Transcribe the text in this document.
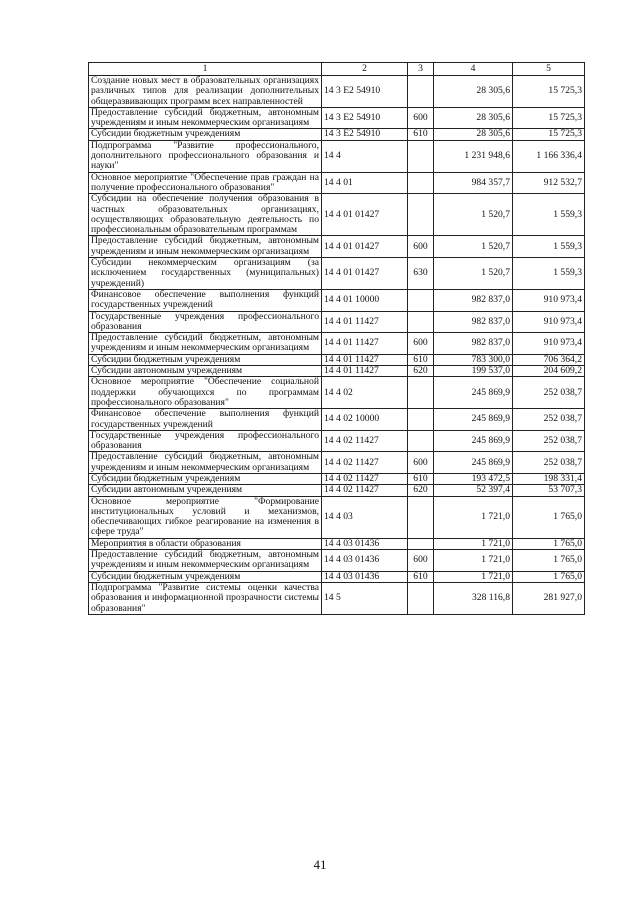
1	2	3	4	5
Создание новых мест в образовательных организациях различных типов для реализации дополнительных общеразвивающих программ всех направленностей	14 3 E2 54910		28 305,6	15 725,3
Предоставление субсидий бюджетным, автономным учреждениям и иным некоммерческим организациям	14 3 E2 54910	600	28 305,6	15 725,3
Субсидии бюджетным учреждениям	14 3 E2 54910	610	28 305,6	15 725,3
Подпрограмма "Развитие профессионального, дополнительного профессионального образования и науки"	14 4		1 231 948,6	1 166 336,4
Основное мероприятие "Обеспечение прав граждан на получение профессионального образования"	14 4 01		984 357,7	912 532,7
Субсидии на обеспечение получения образования в частных образовательных организациях, осуществляющих образовательную деятельность по профессиональным образовательным программам	14 4 01 01427		1 520,7	1 559,3
Предоставление субсидий бюджетным, автономным учреждениям и иным некоммерческим организациям	14 4 01 01427	600	1 520,7	1 559,3
Субсидии некоммерческим организациям (за исключением государственных (муниципальных) учреждений)	14 4 01 01427	630	1 520,7	1 559,3
Финансовое обеспечение выполнения функций государственных учреждений	14 4 01 10000		982 837,0	910 973,4
Государственные учреждения профессионального образования	14 4 01 11427		982 837,0	910 973,4
Предоставление субсидий бюджетным, автономным учреждениям и иным некоммерческим организациям	14 4 01 11427	600	982 837,0	910 973,4
Субсидии бюджетным учреждениям	14 4 01 11427	610	783 300,0	706 364,2
Субсидии автономным учреждениям	14 4 01 11427	620	199 537,0	204 609,2
Основное мероприятие "Обеспечение социальной поддержки обучающихся по программам профессионального образования"	14 4 02		245 869,9	252 038,7
Финансовое обеспечение выполнения функций государственных учреждений	14 4 02 10000		245 869,9	252 038,7
Государственные учреждения профессионального образования	14 4 02 11427		245 869,9	252 038,7
Предоставление субсидий бюджетным, автономным учреждениям и иным некоммерческим организациям	14 4 02 11427	600	245 869,9	252 038,7
Субсидии бюджетным учреждениям	14 4 02 11427	610	193 472,5	198 331,4
Субсидии автономным учреждениям	14 4 02 11427	620	52 397,4	53 707,3
Основное мероприятие "Формирование институциональных условий и механизмов, обеспечивающих гибкое реагирование на изменения в сфере труда"	14 4 03		1 721,0	1 765,0
Мероприятия в области образования	14 4 03 01436		1 721,0	1 765,0
Предоставление субсидий бюджетным, автономным учреждениям и иным некоммерческим организациям	14 4 03 01436	600	1 721,0	1 765,0
Субсидии бюджетным учреждениям	14 4 03 01436	610	1 721,0	1 765,0
Подпрограмма "Развитие системы оценки качества образования и информационной прозрачности системы образования"	14 5		328 116,8	281 927,0
41
